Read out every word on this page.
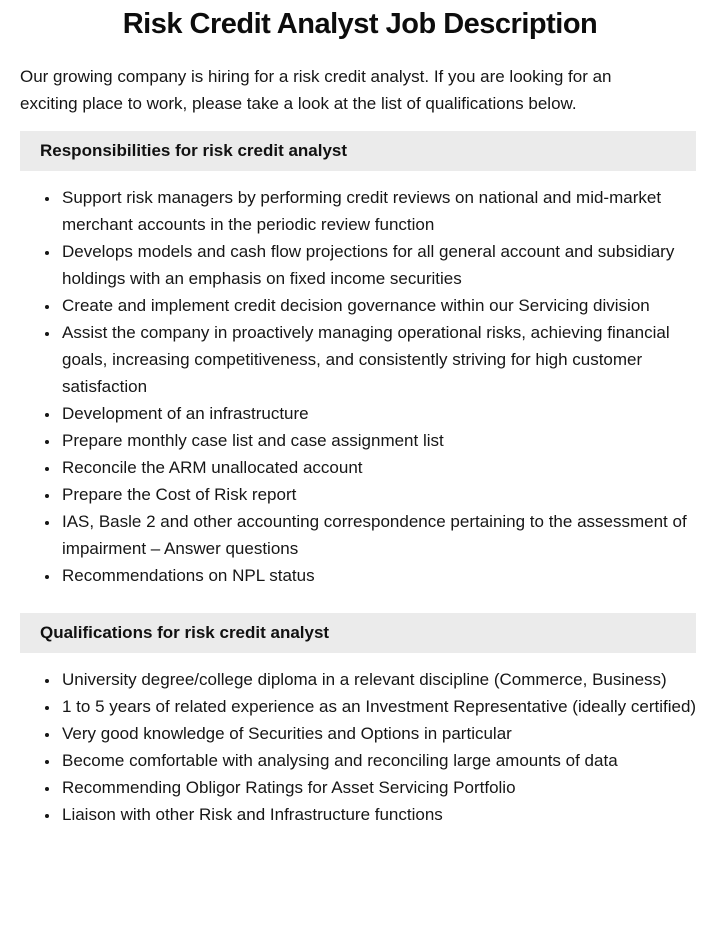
Risk Credit Analyst Job Description

Our growing company is hiring for a risk credit analyst. If you are looking for an exciting place to work, please take a look at the list of qualifications below.

Responsibilities for risk credit analyst
• Support risk managers by performing credit reviews on national and mid-market merchant accounts in the periodic review function
• Develops models and cash flow projections for all general account and subsidiary holdings with an emphasis on fixed income securities
• Create and implement credit decision governance within our Servicing division
• Assist the company in proactively managing operational risks, achieving financial goals, increasing competitiveness, and consistently striving for high customer satisfaction
• Development of an infrastructure
• Prepare monthly case list and case assignment list
• Reconcile the ARM unallocated account
• Prepare the Cost of Risk report
• IAS, Basle 2 and other accounting correspondence pertaining to the assessment of impairment – Answer questions
• Recommendations on NPL status
Qualifications for risk credit analyst
• University degree/college diploma in a relevant discipline (Commerce, Business)
• 1 to 5 years of related experience as an Investment Representative (ideally certified)
• Very good knowledge of Securities and Options in particular
• Become comfortable with analysing and reconciling large amounts of data
• Recommending Obligor Ratings for Asset Servicing Portfolio
• Liaison with other Risk and Infrastructure functions
